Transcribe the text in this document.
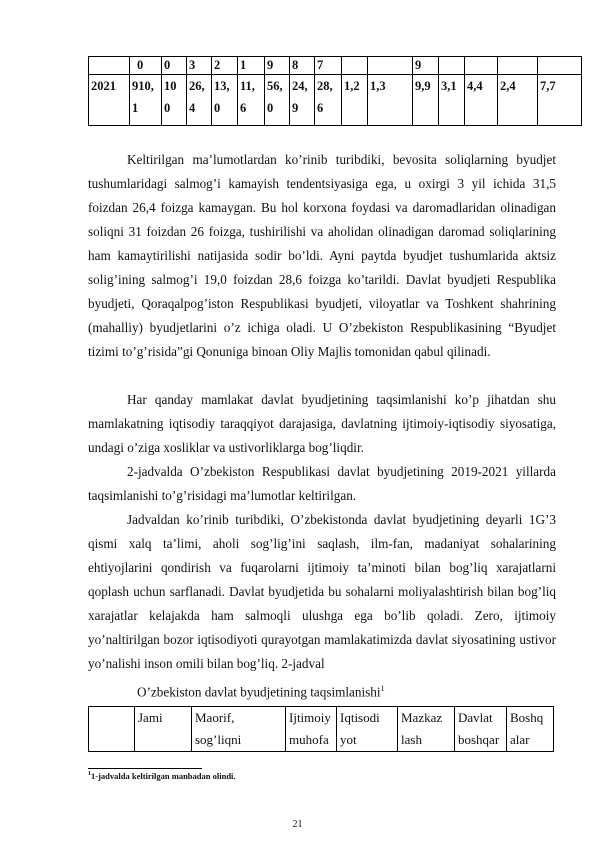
	0	0	3	2	1	9	8	7			9				

2021	910, 1	10 0	26, 4	13, 0	11, 6	56, 0	24, 9	28, 6	1,2	1,3	9,9	3,1	4,4	2,4	7,7

Keltirilgan ma’lumotlardan ko’rinib turibdiki, bevosita soliqlarning byudjet tushumlaridagi salmog’i kamayish tendentsiyasiga ega, u oxirgi 3 yil ichida 31,5 foizdan 26,4 foizga kamaygan. Bu hol korxona foydasi va daromadlaridan olinadigan soliqni 31 foizdan 26 foizga, tushirilishi va aholidan olinadigan daromad soliqlarining ham kamaytirilishi natijasida sodir bo’ldi. Ayni paytda byudjet tushumlarida aktsiz solig’ining salmog’i 19,0 foizdan 28,6 foizga ko’tarildi. Davlat byudjeti Respublika byudjeti, Qoraqalpog’iston Respublikasi byudjeti, viloyatlar va Toshkent shahrining (mahalliy) byudjetlarini o’z ichiga oladi. U O’zbekiston Respublikasining “Byudjet tizimi to’g’risida”gi Qonuniga binoan Oliy Majlis tomonidan qabul qilinadi.

Har qanday mamlakat davlat byudjetining taqsimlanishi ko’p jihatdan shu mamlakatning iqtisodiy taraqqiyot darajasiga, davlatning ijtimoiy-iqtisodiy siyosatiga, undagi o’ziga xosliklar va ustivorliklarga bog’liqdir.

2-jadvalda O’zbekiston Respublikasi davlat byudjetining 2019-2021 yillarda taqsimlanishi to’g’risidagi ma’lumotlar keltirilgan.

Jadvaldan ko’rinib turibdiki, O’zbekistonda davlat byudjetining deyarli 1G’3 qismi xalq ta’limi, aholi sog’lig’ini saqlash, ilm-fan, madaniyat sohalarining ehtiyojlarini qondirish va fuqarolarni ijtimoiy ta’minoti bilan bog’liq xarajatlarni qoplash uchun sarflanadi. Davlat byudjetida bu sohalarni moliyalashtirish bilan bog’liq xarajatlar kelajakda ham salmoqli ulushga ega bo’lib qoladi. Zero, ijtimoiy yo’naltirilgan bozor iqtisodiyoti qurayotgan mamlakatimizda davlat siyosatining ustivor yo’nalishi inson omili bilan bog’liq. 2-jadval

O’zbekiston davlat byudjetining taqsimlanishi$^1$
	Jami	Maorif, sog’liqni	Ijtimoiy muhofa	Iqtisodi yot	Mazkaz lash	Davlat boshqar	Boshq alar
$^1$1-jadvalda keltirilgan manbadan olindi.
21
